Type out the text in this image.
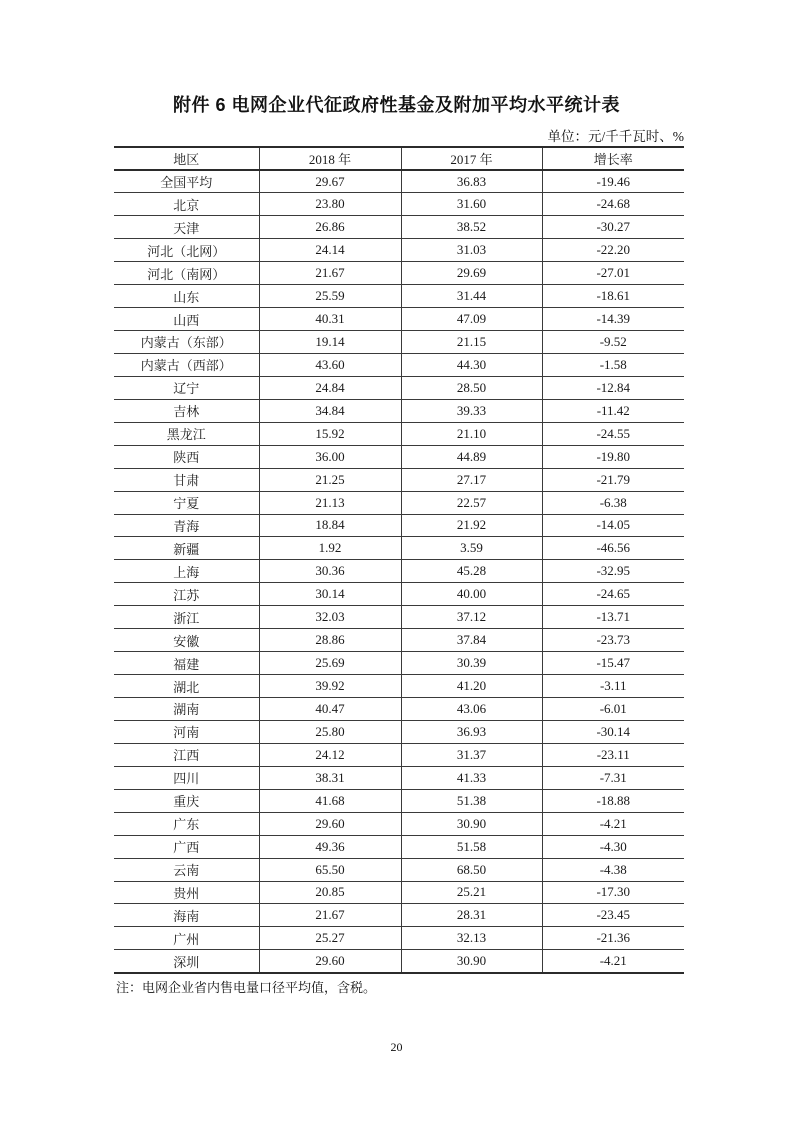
附件 6 电网企业代征政府性基金及附加平均水平统计表
单位：元/千千瓦时、%
地区	2018 年	2017 年	增长率
全国平均	29.67	36.83	-19.46
北京	23.80	31.60	-24.68
天津	26.86	38.52	-30.27
河北（北网）	24.14	31.03	-22.20
河北（南网）	21.67	29.69	-27.01
山东	25.59	31.44	-18.61
山西	40.31	47.09	-14.39
内蒙古（东部）	19.14	21.15	-9.52
内蒙古（西部）	43.60	44.30	-1.58
辽宁	24.84	28.50	-12.84
吉林	34.84	39.33	-11.42
黑龙江	15.92	21.10	-24.55
陕西	36.00	44.89	-19.80
甘肃	21.25	27.17	-21.79
宁夏	21.13	22.57	-6.38
青海	18.84	21.92	-14.05
新疆	1.92	3.59	-46.56
上海	30.36	45.28	-32.95
江苏	30.14	40.00	-24.65
浙江	32.03	37.12	-13.71
安徽	28.86	37.84	-23.73
福建	25.69	30.39	-15.47
湖北	39.92	41.20	-3.11
湖南	40.47	43.06	-6.01
河南	25.80	36.93	-30.14
江西	24.12	31.37	-23.11
四川	38.31	41.33	-7.31
重庆	41.68	51.38	-18.88
广东	29.60	30.90	-4.21
广西	49.36	51.58	-4.30
云南	65.50	68.50	-4.38
贵州	20.85	25.21	-17.30
海南	21.67	28.31	-23.45
广州	25.27	32.13	-21.36
深圳	29.60	30.90	-4.21
注：电网企业省内售电量口径平均值，含税。
20
